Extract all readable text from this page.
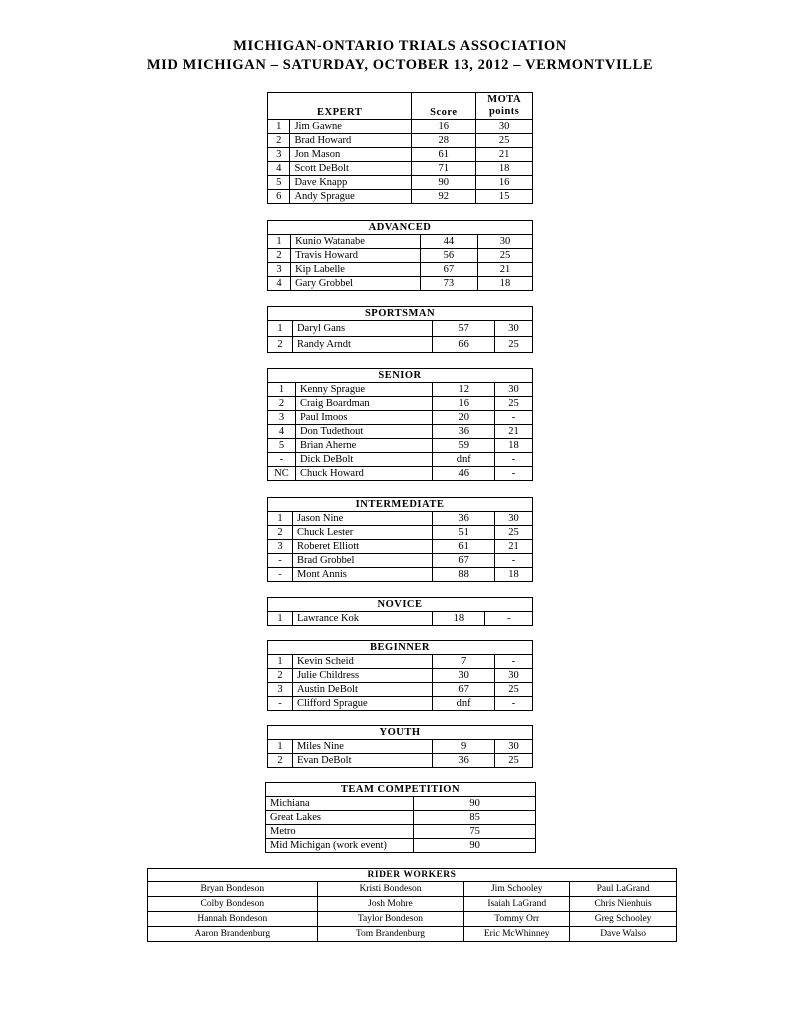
MICHIGAN-ONTARIO TRIALS ASSOCIATION
MID MICHIGAN – SATURDAY, OCTOBER 13, 2012 – VERMONTVILLE
EXPERT		Score	MOTA
points
1	Jim Gawne	16	30
2	Brad Howard	28	25
3	Jon Mason	61	21
4	Scott DeBolt	71	18
5	Dave Knapp	90	16
6	Andy Sprague	92	15
ADVANCED			
1	Kunio Watanabe	44	30
2	Travis Howard	56	25
3	Kip Labelle	67	21
4	Gary Grobbel	73	18
SPORTSMAN			
1	Daryl Gans	57	30
2	Randy Arndt	66	25
SENIOR			
1	Kenny Sprague	12	30
2	Craig Boardman	16	25
3	Paul Imoos	20	-
4	Don Tudethout	36	21
5	Brian Aherne	59	18
-	Dick DeBolt	dnf	-
NC	Chuck Howard	46	-
INTERMEDIATE			
1	Jason Nine	36	30
2	Chuck Lester	51	25
3	Roberet Elliott	61	21
-	Brad Grobbel	67	-
-	Mont Annis	88	18
NOVICE
1	Lawrance Kok	18	-
BEGINNER			
1	Kevin Scheid	7	-
2	Julie Childress	30	30
3	Austin DeBolt	67	25
-	Clifford Sprague	dnf	-
YOUTH			
1	Miles Nine	9	30
2	Evan DeBolt	36	25
TEAM COMPETITION	
Michiana	90
Great Lakes	85
Metro	75
Mid Michigan (work event)	90
RIDER WORKERS			
Bryan Bondeson	Kristi Bondeson	Jim Schooley	Paul LaGrand
Colby Bondeson	Josh Mohre	Isaiah LaGrand	Chris Nienhuis
Hannah Bondeson	Taylor Bondeson	Tommy Orr	Greg Schooley
Aaron Brandenburg	Tom Brandenburg	Eric McWhinney	Dave Walso
